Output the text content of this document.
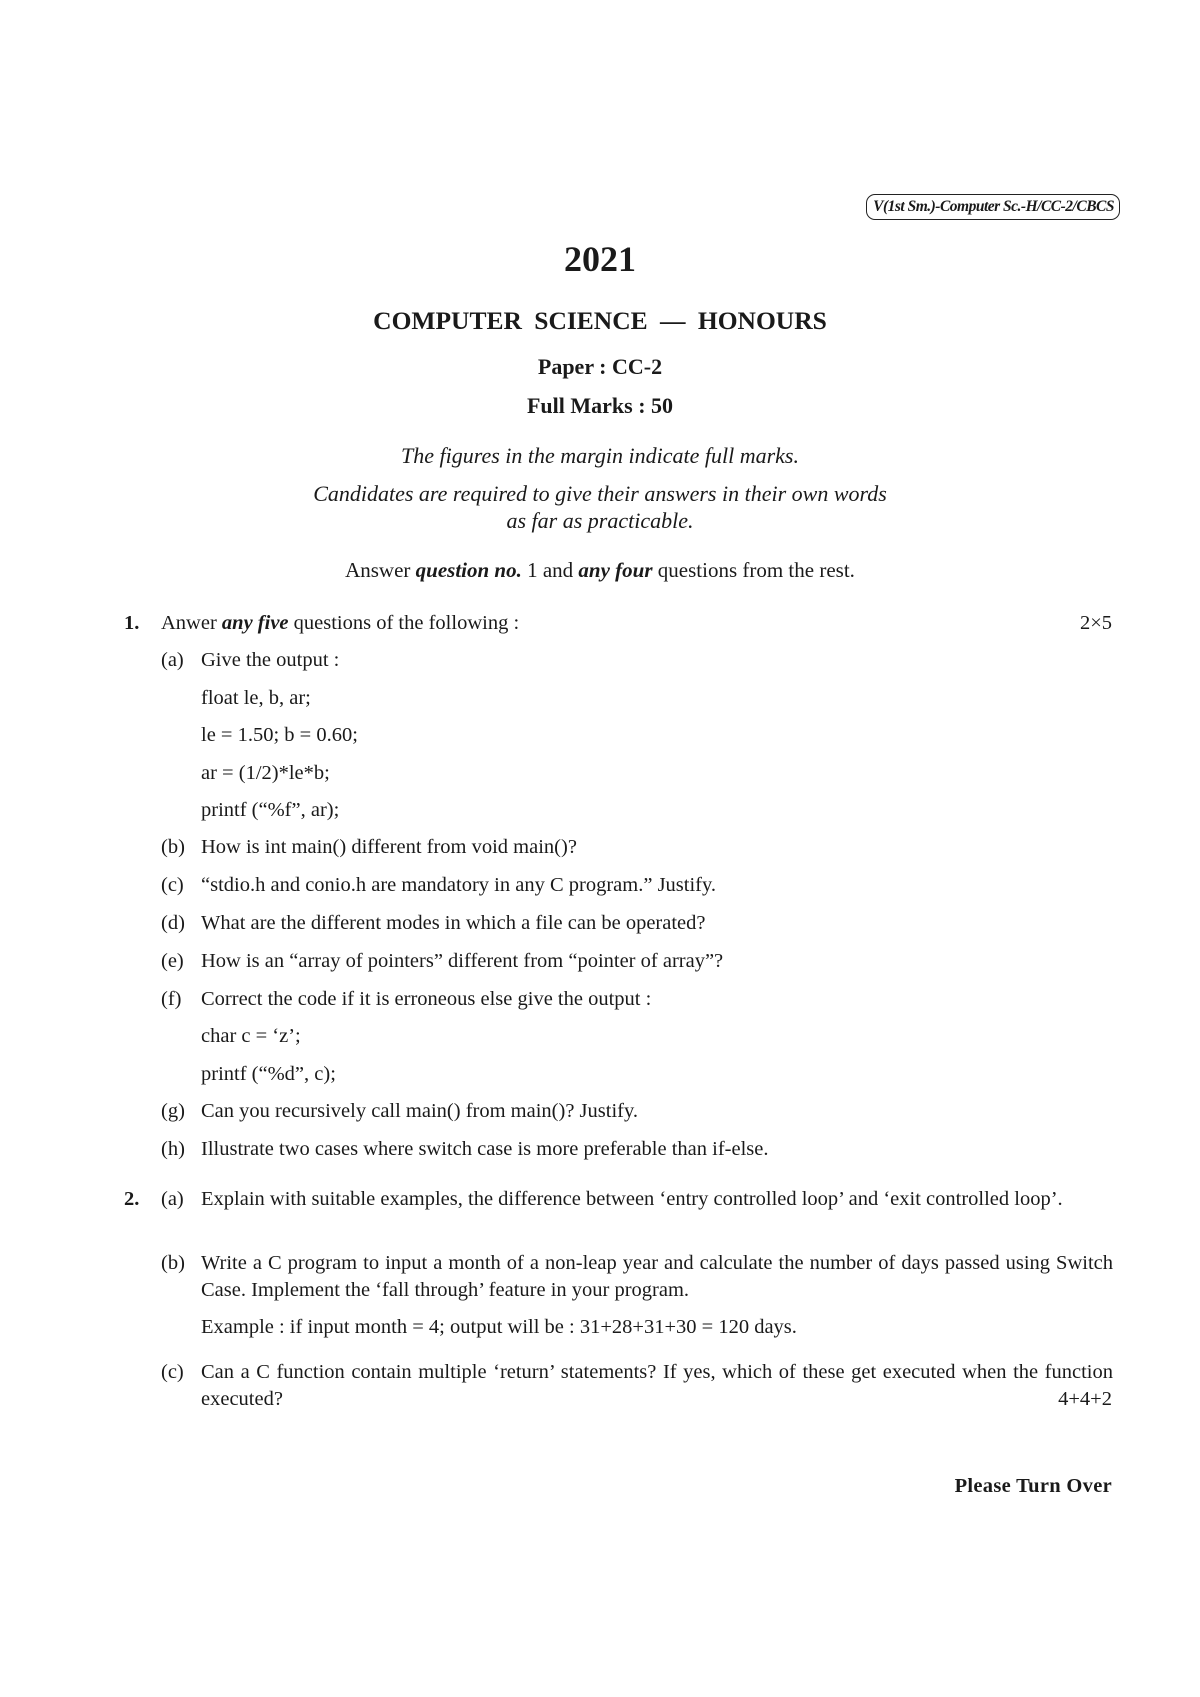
V(1st Sm.)-Computer Sc.-H/CC-2/CBCS
2021
COMPUTER SCIENCE — HONOURS
Paper : CC-2
Full Marks : 50
The figures in the margin indicate full marks.
Candidates are required to give their answers in their own words
as far as practicable.
Answer question no. 1 and any four questions from the rest.
1. Anwer any five questions of the following :	2×5
(a) Give the output :
float le, b, ar;
le = 1.50; b = 0.60;
ar = (1/2)*le*b;
printf (“%f”, ar);
(b) How is int main() different from void main()?
(c) “stdio.h and conio.h are mandatory in any C program.” Justify.
(d) What are the different modes in which a file can be operated?
(e) How is an “array of pointers” different from “pointer of array”?
(f) Correct the code if it is erroneous else give the output :
char c = ‘z’;
printf (“%d”, c);
(g) Can you recursively call main() from main()? Justify.
(h) Illustrate two cases where switch case is more preferable than if-else.
2. (a) Explain with suitable examples, the difference between ‘entry controlled loop’ and ‘exit controlled loop’.
(b) Write a C program to input a month of a non-leap year and calculate the number of days passed using Switch Case. Implement the ‘fall through’ feature in your program.
Example : if input month = 4; output will be : 31+28+31+30 = 120 days.
(c) Can a C function contain multiple ‘return’ statements? If yes, which of these get executed when the function executed?	4+4+2
Please Turn Over
